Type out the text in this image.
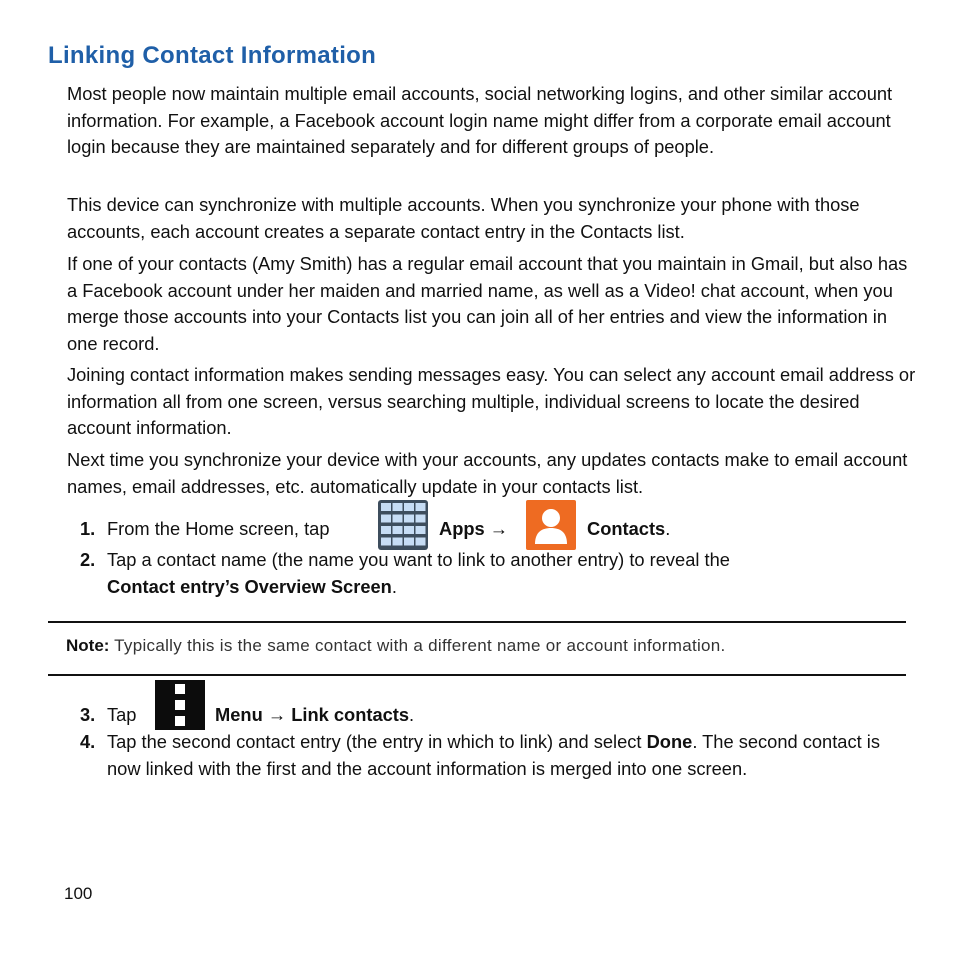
Linking Contact Information

Most people now maintain multiple email accounts, social networking logins, and other similar account information. For example, a Facebook account login name might differ from a corporate email account login because they are maintained separately and for different groups of people.

This device can synchronize with multiple accounts. When you synchronize your phone with those accounts, each account creates a separate contact entry in the Contacts list.

If one of your contacts (Amy Smith) has a regular email account that you maintain in Gmail, but also has a Facebook account under her maiden and married name, as well as a Video! chat account, when you merge those accounts into your Contacts list you can join all of her entries and view the information in one record.

Joining contact information makes sending messages easy. You can select any account email address or information all from one screen, versus searching multiple, individual screens to locate the desired account information.

Next time you synchronize your device with your accounts, any updates contacts make to email account names, email addresses, etc. automatically update in your contacts list.

1. From the Home screen, tap	Apps →	Contacts.
2. Tap a contact name (the name you want to link to another entry) to reveal the
Contact entry’s Overview Screen.
Note: Typically this is the same contact with a different name or account information.
3. Tap	Menu → Link contacts.
4. Tap the second contact entry (the entry in which to link) and select Done. The second contact is now linked with the first and the account information is merged into one screen.
100
